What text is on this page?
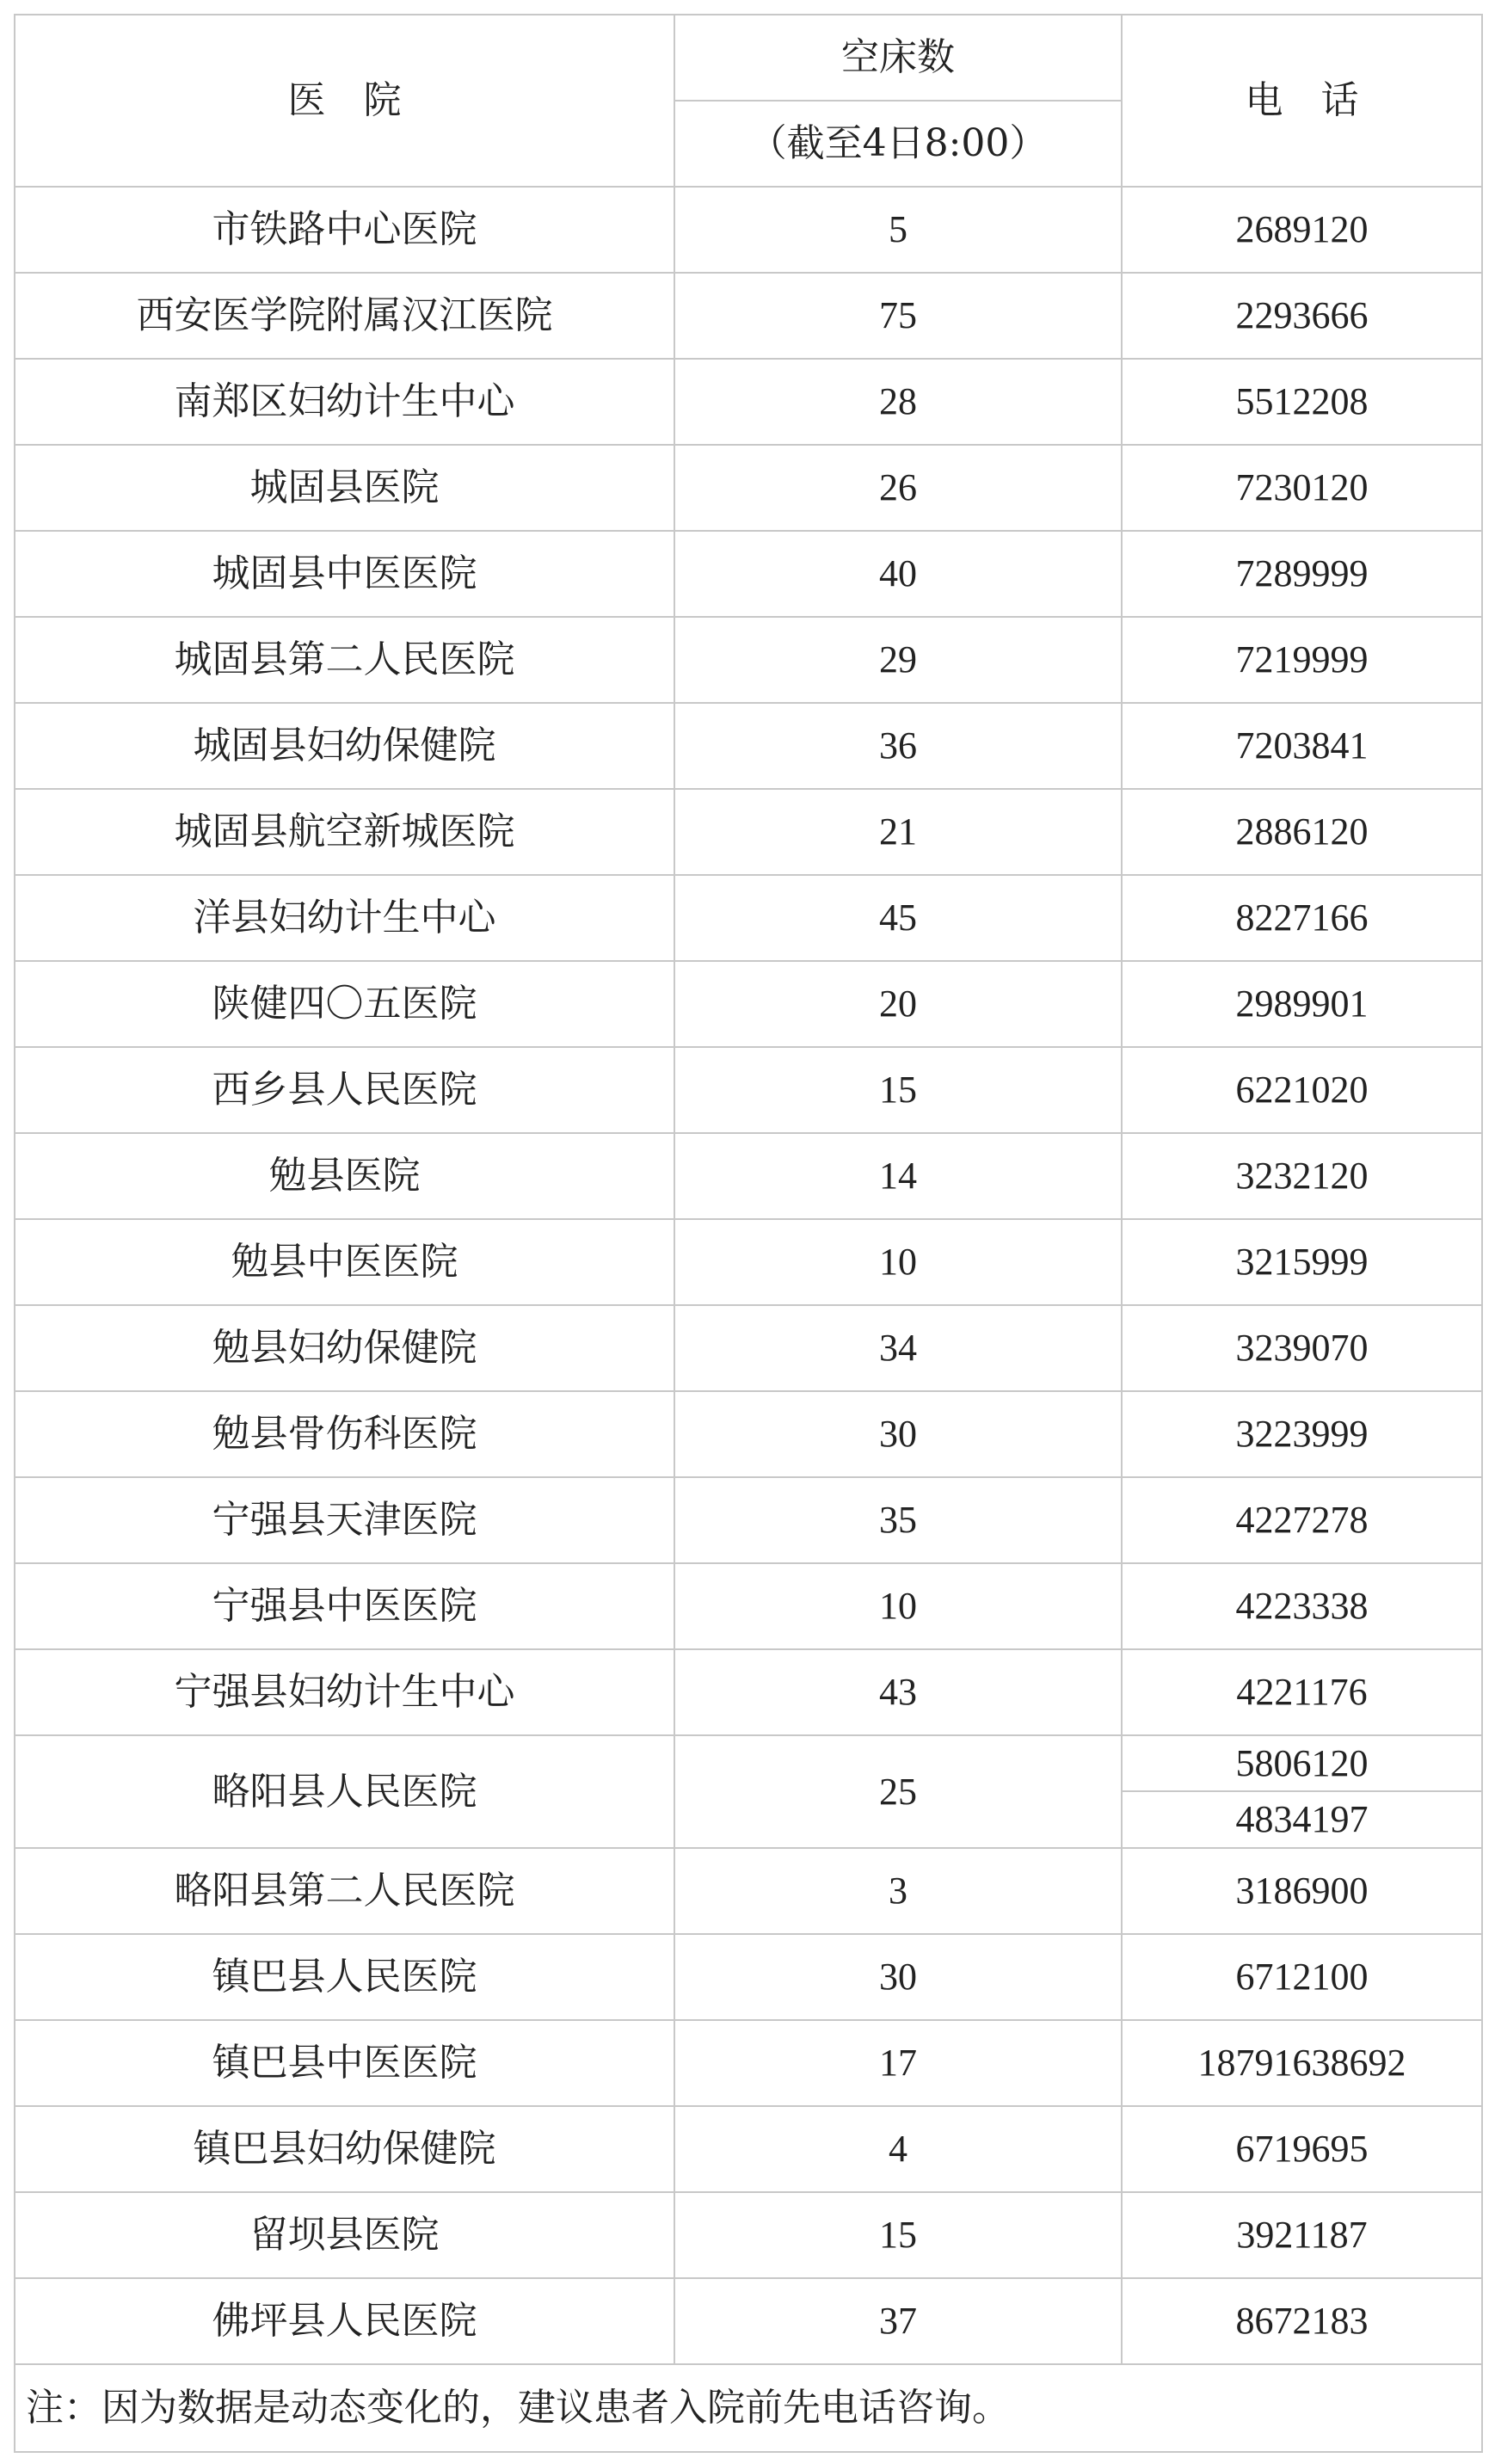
医　院	空床数	电　话
	（截至4日8:00）	
市铁路中心医院	5	2689120
西安医学院附属汉江医院	75	2293666
南郑区妇幼计生中心	28	5512208
城固县医院	26	7230120
城固县中医医院	40	7289999
城固县第二人民医院	29	7219999
城固县妇幼保健院	36	7203841
城固县航空新城医院	21	2886120
洋县妇幼计生中心	45	8227166
陕健四〇五医院	20	2989901
西乡县人民医院	15	6221020
勉县医院	14	3232120
勉县中医医院	10	3215999
勉县妇幼保健院	34	3239070
勉县骨伤科医院	30	3223999
宁强县天津医院	35	4227278
宁强县中医医院	10	4223338
宁强县妇幼计生中心	43	4221176
略阳县人民医院	25	5806120
		4834197
略阳县第二人民医院	3	3186900
镇巴县人民医院	30	6712100
镇巴县中医医院	17	18791638692
镇巴县妇幼保健院	4	6719695
留坝县医院	15	3921187
佛坪县人民医院	37	8672183
注：因为数据是动态变化的，建议患者入院前先电话咨询。		
